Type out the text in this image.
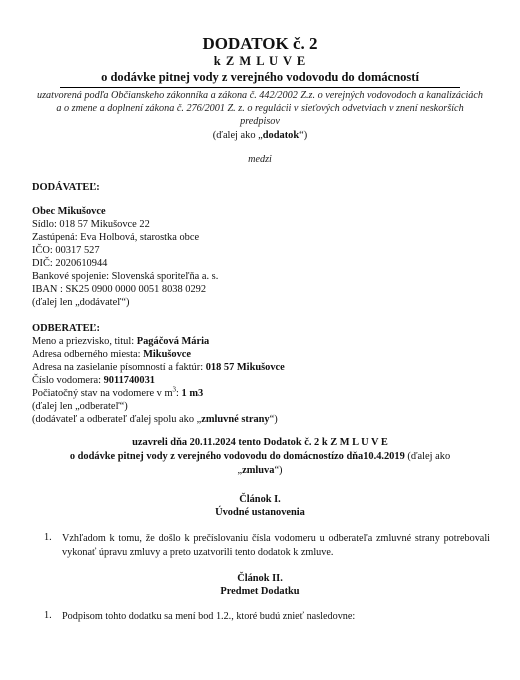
DODATOK č. 2
k Z M L U V E
o dodávke pitnej vody z verejného vodovodu do domácností
uzatvorená podľa Občianskeho zákonníka a zákona č. 442/2002 Z.z. o verejných vodovodoch a kanalizáciách
a o zmene a doplnení zákona č. 276/2001 Z. z. o regulácii v sieťových odvetviach v znení neskorších
predpisov
(ďalej ako „dodatok“)
medzi
DODÁVATEĽ:
Obec Mikušovce
Sídlo: 018 57 Mikušovce 22
Zastúpená: Eva Holbová, starostka obce
IČO: 00317 527
DIČ: 2020610944
Bankové spojenie: Slovenská sporiteľňa a. s.
IBAN : SK25 0900 0000 0051 8038 0292
(ďalej len „dodávateľ“)
ODBERATEĽ:
Meno a priezvisko, titul: Pagáčová Mária
Adresa odberného miesta: Mikušovce
Adresa na zasielanie písomností a faktúr: 018 57 Mikušovce
Číslo vodomera: 9011740031
Počiatočný stav na vodomere v $m^3$: 1 m3
(ďalej len „odberateľ“)
(dodávateľ a odberateľ ďalej spolu ako „zmluvné strany“)
uzavreli dňa 20.11.2024 tento Dodatok č. 2 k Z M L U V E
o dodávke pitnej vody z verejného vodovodu do domácnostízo dňa10.4.2019 (ďalej ako
„zmluva“)
Článok I.
Úvodné ustanovenia
1. Vzhľadom k tomu, že došlo k prečíslovaniu čísla vodomeru u odberateľa zmluvné strany potrebovali vykonať úpravu zmluvy a preto uzatvorili tento dodatok k zmluve.
Článok II.
Predmet Dodatku
1. Podpisom tohto dodatku sa mení bod 1.2., ktoré budú znieť nasledovne:
